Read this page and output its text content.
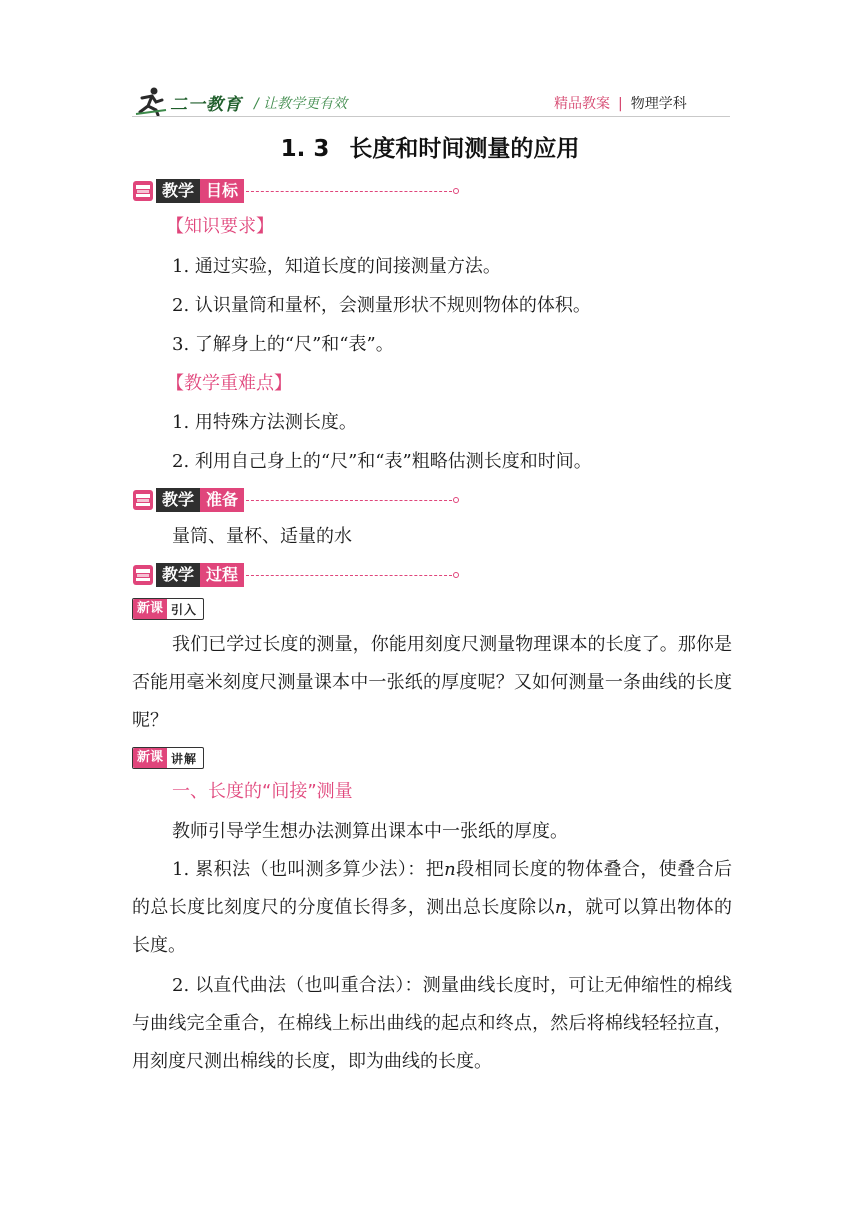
二一教育 / 让教学更有效	精品教案 | 物理学科
1. 3 长度和时间测量的应用
教学 目标
【知识要求】
1. 通过实验，知道长度的间接测量方法。
2. 认识量筒和量杯，会测量形状不规则物体的体积。
3. 了解身上的“尺”和“表”。
【教学重难点】
1. 用特殊方法测长度。
2. 利用自己身上的“尺”和“表”粗略估测长度和时间。
教学 准备
量筒、量杯、适量的水
教学 过程
新课 引入
我们已学过长度的测量，你能用刻度尺测量物理课本的长度了。那你是否能用毫米刻度尺测量课本中一张纸的厚度呢？又如何测量一条曲线的长度呢？
新课 讲解
一、长度的“间接”测量
教师引导学生想办法测算出课本中一张纸的厚度。
1. 累积法（也叫测多算少法）：把n段相同长度的物体叠合，使叠合后的总长度比刻度尺的分度值长得多，测出总长度除以n，就可以算出物体的长度。
2. 以直代曲法（也叫重合法）：测量曲线长度时，可让无伸缩性的棉线与曲线完全重合，在棉线上标出曲线的起点和终点，然后将棉线轻轻拉直，用刻度尺测出棉线的长度，即为曲线的长度。
